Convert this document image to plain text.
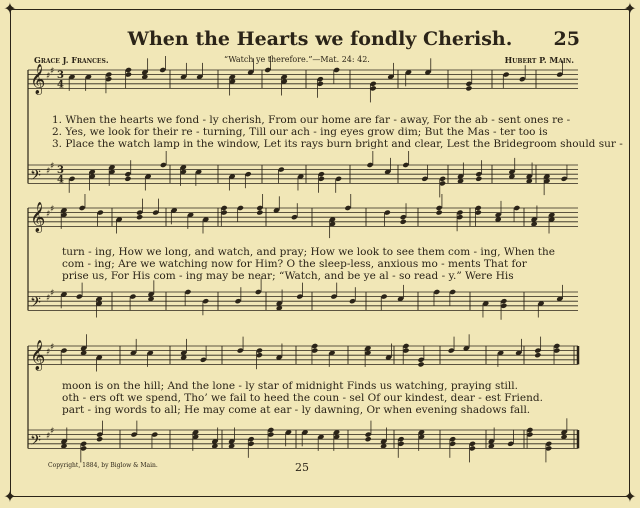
✦	✦
✦	✦
When the Hearts we fondly Cherish.	25
Grace J. Frances.	“Watch ye therefore.”—Mat. 24: 42.	Hubert P. Main.
𝄞 ♯ ♯ 3
4
𝄢 ♯ ♯ 3
4
𝄞 ♯ ♯
𝄢 ♯ ♯
𝄞 ♯ ♯
𝄢 ♯ ♯
1. When the hearts we fond - ly cherish, From our home are far - away, For the ab - sent ones re -
2. Yes, we look for their re - turning, Till our ach - ing eyes grow dim; But the Mas - ter too is
3. Place the watch lamp in the window, Let its rays burn bright and clear, Lest the Bridegroom should sur -
turn - ing, How we long, and watch, and pray; How we look to see them com - ing, When the
com - ing; Are we watching now for Him? O the sleep-less, anxious mo - ments That for
prise us, For His com - ing may be near; “Watch, and be ye al - so read - y.” Were His
moon is on the hill; And the lone - ly star of midnight Finds us watching, praying still.
oth - ers oft we spend, Tho’ we fail to heed the coun - sel Of our kindest, dear - est Friend.
part - ing words to all; He may come at ear - ly dawning, Or when evening shadows fall.
Copyright, 1884, by Biglow & Main.	25
